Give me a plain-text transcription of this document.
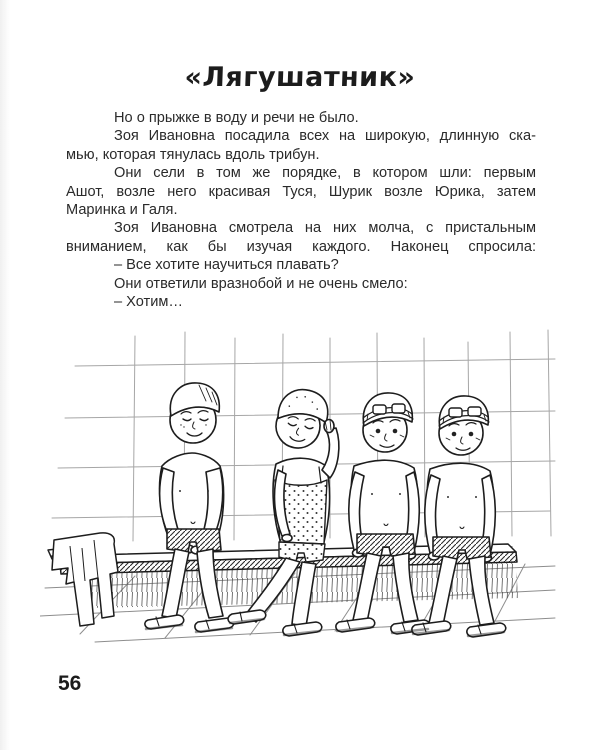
«Лягушатник»
Но о прыжке в воду и речи не было.
Зоя Ивановна посадила всех на широкую, длинную ска-
мью, которая тянулась вдоль трибун.
Они сели в том же порядке, в котором шли: первым
Ашот, возле него красивая Туся, Шурик возле Юрика, затем
Маринка и Галя.
Зоя Ивановна смотрела на них молча, с пристальным
вниманием, как бы изучая каждого. Наконец спросила:
– Все хотите научиться плавать?
Они ответили вразнобой и не очень смело:
– Хотим…
56
